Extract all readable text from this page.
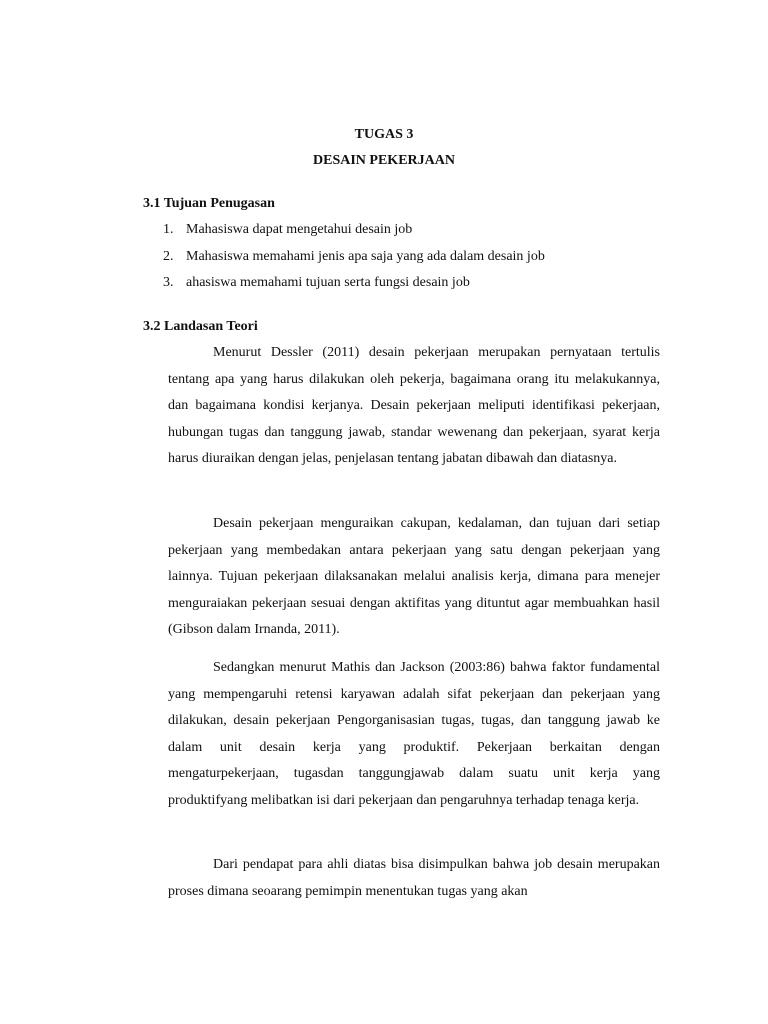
TUGAS 3
DESAIN PEKERJAAN
3.1 Tujuan Penugasan
1. Mahasiswa dapat mengetahui desain job
2. Mahasiswa memahami jenis apa saja yang ada dalam desain job
3. ahasiswa memahami tujuan serta fungsi desain job
3.2 Landasan Teori

Menurut Dessler (2011) desain pekerjaan merupakan pernyataan tertulis tentang apa yang harus dilakukan oleh pekerja, bagaimana orang itu melakukannya, dan bagaimana kondisi kerjanya. Desain pekerjaan meliputi identifikasi pekerjaan, hubungan tugas dan tanggung jawab, standar wewenang dan pekerjaan, syarat kerja harus diuraikan dengan jelas, penjelasan tentang jabatan dibawah dan diatasnya.

Desain pekerjaan menguraikan cakupan, kedalaman, dan tujuan dari setiap pekerjaan yang membedakan antara pekerjaan yang satu dengan pekerjaan yang lainnya. Tujuan pekerjaan dilaksanakan melalui analisis kerja, dimana para menejer menguraiakan pekerjaan sesuai dengan aktifitas yang dituntut agar membuahkan hasil (Gibson dalam Irnanda, 2011).

Sedangkan menurut Mathis dan Jackson (2003:86) bahwa faktor fundamental yang mempengaruhi retensi karyawan adalah sifat pekerjaan dan pekerjaan yang dilakukan, desain pekerjaan Pengorganisasian tugas, tugas, dan tanggung jawab ke dalam unit desain kerja yang produktif. Pekerjaan berkaitan dengan mengaturpekerjaan, tugasdan tanggungjawab dalam suatu unit kerja yang produktifyang melibatkan isi dari pekerjaan dan pengaruhnya terhadap tenaga kerja.

Dari pendapat para ahli diatas bisa disimpulkan bahwa job desain merupakan proses dimana seoarang pemimpin menentukan tugas yang akan
